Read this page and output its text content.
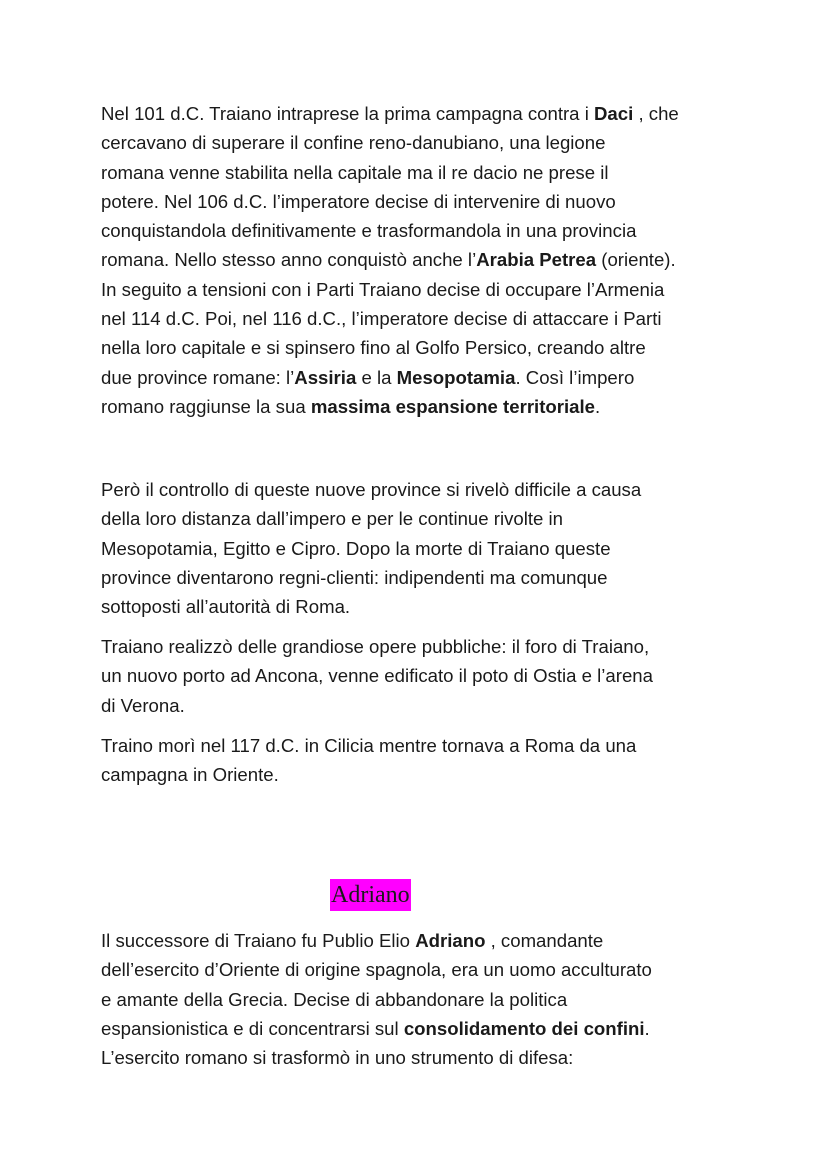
Nel 101 d.C. Traiano intraprese la prima campagna contra i Daci , che
cercavano di superare il confine reno-danubiano, una legione
romana venne stabilita nella capitale ma il re dacio ne prese il
potere. Nel 106 d.C. l’imperatore decise di intervenire di nuovo
conquistandola definitivamente e trasformandola in una provincia
romana. Nello stesso anno conquistò anche l’Arabia Petrea (oriente).
In seguito a tensioni con i Parti Traiano decise di occupare l’Armenia
nel 114 d.C. Poi, nel 116 d.C., l’imperatore decise di attaccare i Parti
nella loro capitale e si spinsero fino al Golfo Persico, creando altre
due province romane: l’Assiria e la Mesopotamia. Così l’impero
romano raggiunse la sua massima espansione territoriale.

Però il controllo di queste nuove province si rivelò difficile a causa
della loro distanza dall’impero e per le continue rivolte in
Mesopotamia, Egitto e Cipro. Dopo la morte di Traiano queste
province diventarono regni-clienti: indipendenti ma comunque
sottoposti all’autorità di Roma.

Traiano realizzò delle grandiose opere pubbliche: il foro di Traiano,
un nuovo porto ad Ancona, venne edificato il poto di Ostia e l’arena
di Verona.

Traino morì nel 117 d.C. in Cilicia mentre tornava a Roma da una
campagna in Oriente.

Adriano

Il successore di Traiano fu Publio Elio Adriano , comandante
dell’esercito d’Oriente di origine spagnola, era un uomo acculturato
e amante della Grecia. Decise di abbandonare la politica
espansionistica e di concentrarsi sul consolidamento dei confini.
L’esercito romano si trasformò in uno strumento di difesa:
